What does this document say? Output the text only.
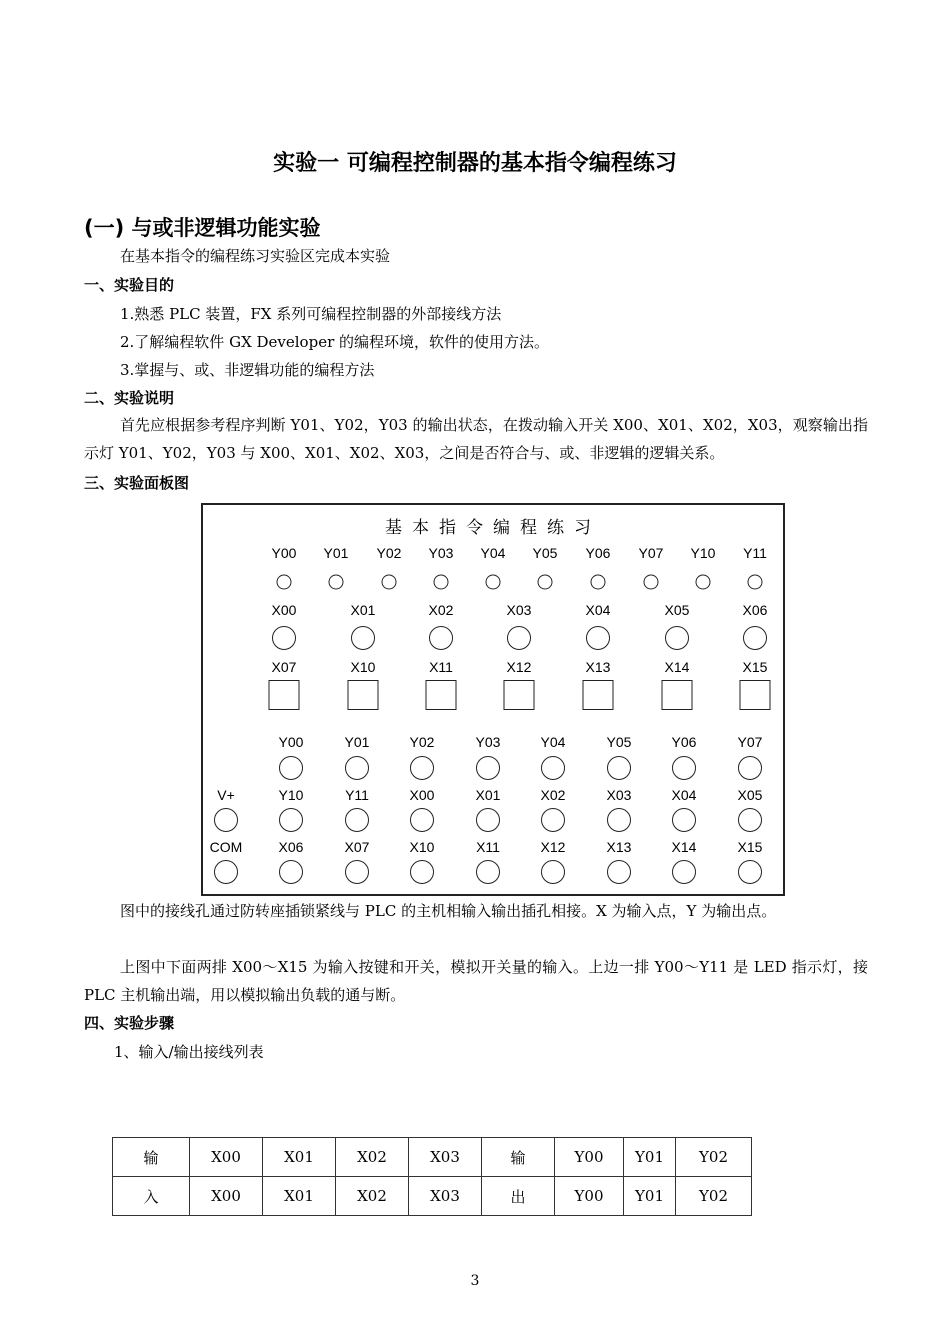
实验一 可编程控制器的基本指令编程练习
(一) 与或非逻辑功能实验
在基本指令的编程练习实验区完成本实验
一、实验目的
1.熟悉 PLC 装置，FX 系列可编程控制器的外部接线方法
2.了解编程软件 GX Developer 的编程环境，软件的使用方法。
3.掌握与、或、非逻辑功能的编程方法
二、实验说明
首先应根据参考程序判断 Y01、Y02，Y03 的输出状态，在拨动输入开关 X00、X01、X02，X03，观察输出指示灯 Y01、Y02，Y03 与 X00、X01、X02、X03，之间是否符合与、或、非逻辑的逻辑关系。
三、实验面板图
基本指令编程练习
Y00 Y01 Y02 Y03 Y04 Y05 Y06 Y07 Y10 Y11
X00	X01	X02	X03	X04	X05	X06
X07	X10	X11	X12	X13	X14	X15
Y00	Y01	Y02	Y03	Y04	Y05	Y06	Y07
V+	Y10	Y11	X00	X01	X02	X03	X04	X05
COM	X06	X07	X10	X11	X12	X13	X14	X15
图中的接线孔通过防转座插锁紧线与 PLC 的主机相输入输出插孔相接。X 为输入点，Y 为输出点。
上图中下面两排 X00～X15 为输入按键和开关，模拟开关量的输入。上边一排 Y00～Y11 是 LED 指示灯，接 PLC 主机输出端，用以模拟输出负载的通与断。
四、实验步骤
1、输入/输出接线列表
输	X00	X01	X02	X03	输	Y00	Y01	Y02
入	X00	X01	X02	X03	出	Y00	Y01	Y02
3
